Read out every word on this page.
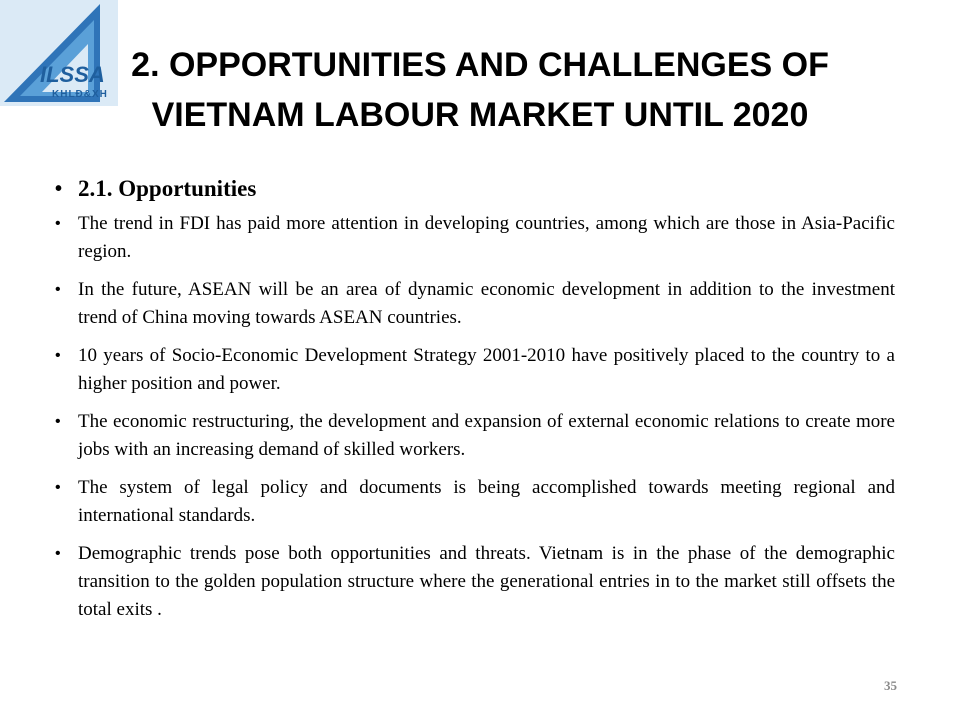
ILSSA
KHLĐ&XH
2. OPPORTUNITIES AND CHALLENGES OF
VIETNAM LABOUR MARKET UNTIL 2020
• 2.1. Opportunities
• The trend in FDI has paid more attention in developing countries, among which are those in Asia-Pacific region.
• In the future, ASEAN will be an area of dynamic economic development in addition to the investment trend of China moving towards ASEAN countries.
• 10 years of Socio-Economic Development Strategy 2001-2010 have positively placed to the country to a higher position and power.
• The economic restructuring, the development and expansion of external economic relations to create more jobs with an increasing demand of skilled workers.
• The system of legal policy and documents is being accomplished towards meeting regional and international standards.
• Demographic trends pose both opportunities and threats. Vietnam is in the phase of the demographic transition to the golden population structure where the generational entries in to the market still offsets the total exits .
35
